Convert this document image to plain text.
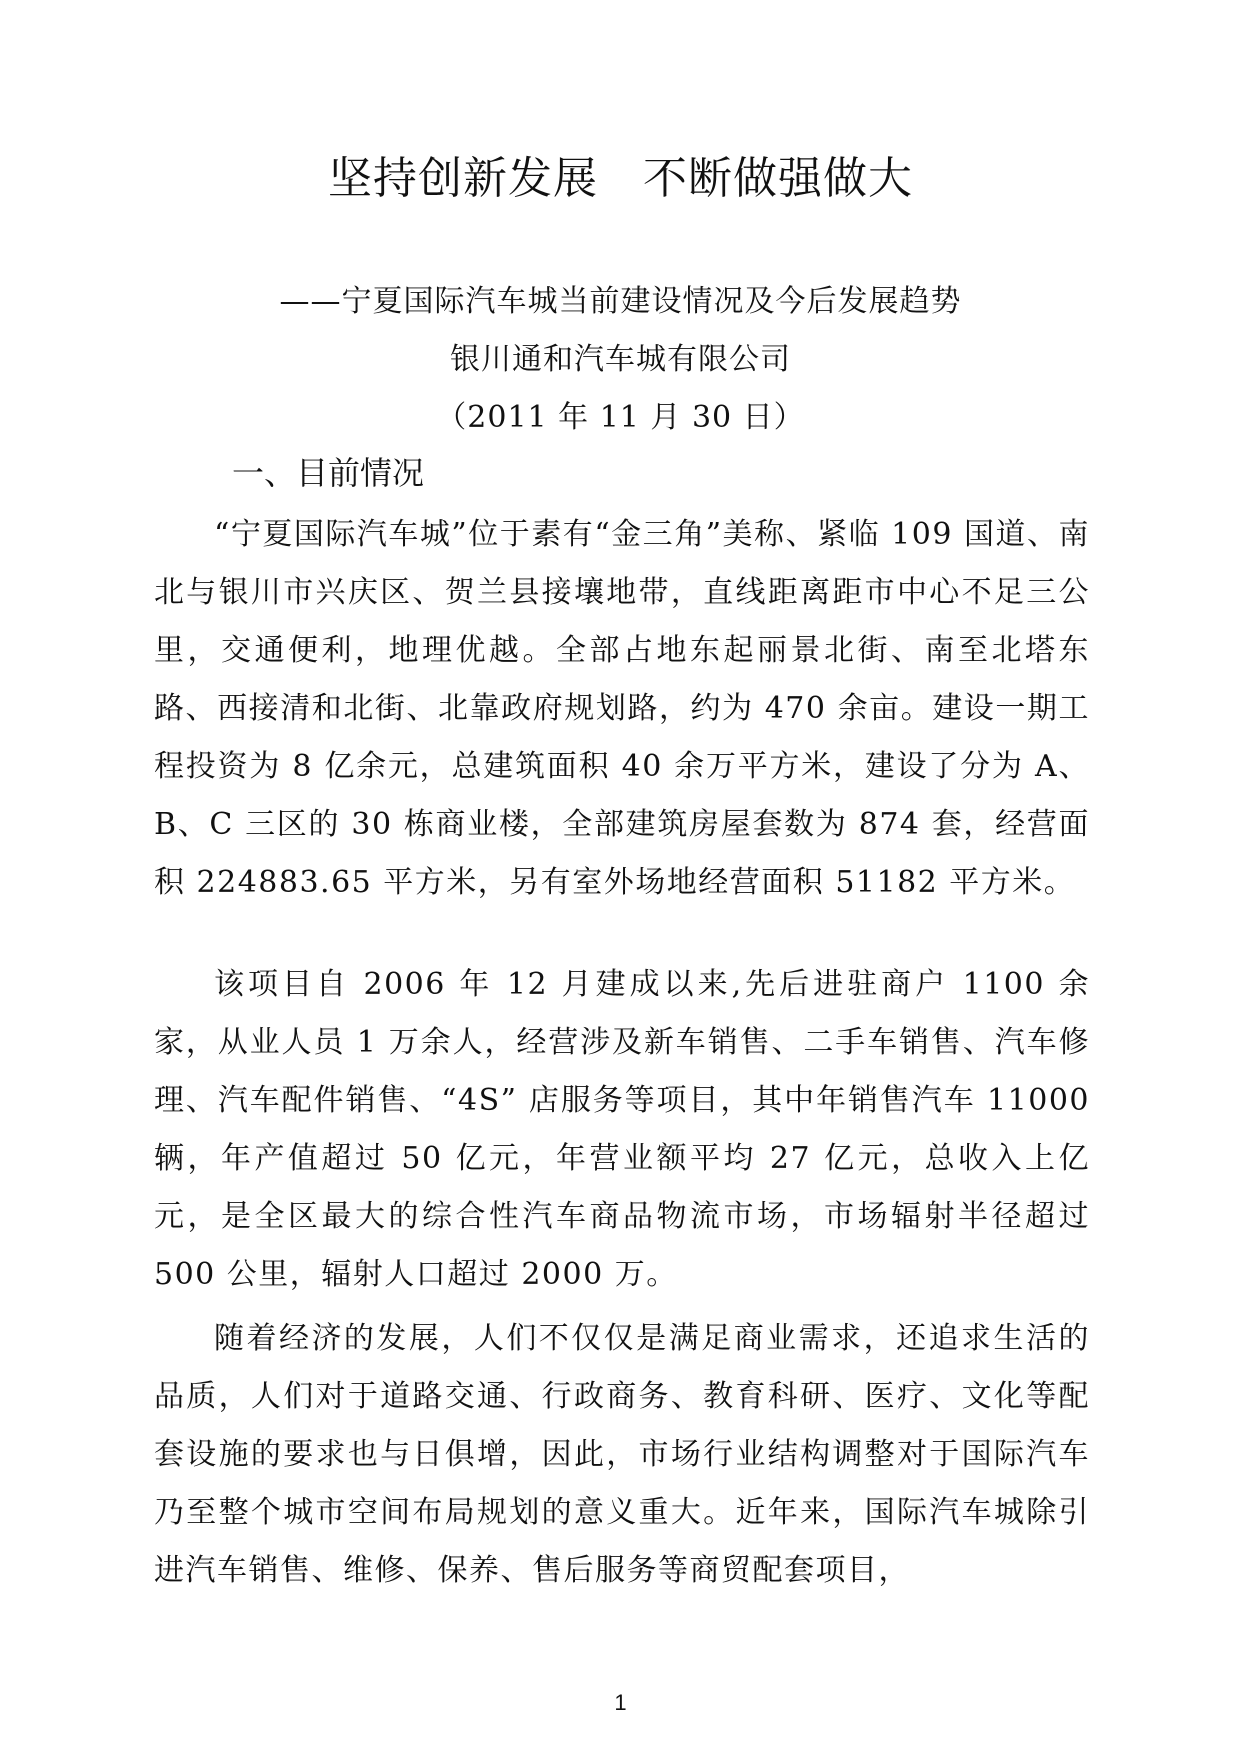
坚持创新发展　不断做强做大

——宁夏国际汽车城当前建设情况及今后发展趋势

银川通和汽车城有限公司

（2011 年 11 月 30 日）

一、目前情况

“宁夏国际汽车城”位于素有“金三角”美称、紧临 109 国道、南北与银川市兴庆区、贺兰县接壤地带，直线距离距市中心不足三公里，交通便利，地理优越。全部占地东起丽景北街、南至北塔东路、西接清和北街、北靠政府规划路，约为 470 余亩。建设一期工程投资为 8 亿余元，总建筑面积 40 余万平方米，建设了分为 A、B、C 三区的 30 栋商业楼，全部建筑房屋套数为 874 套，经营面积 224883.65 平方米，另有室外场地经营面积 51182 平方米。

该项目自 2006 年 12 月建成以来,先后进驻商户 1100 余家，从业人员 1 万余人，经营涉及新车销售、二手车销售、汽车修理、汽车配件销售、“4S” 店服务等项目，其中年销售汽车 11000 辆，年产值超过 50 亿元，年营业额平均 27 亿元，总收入上亿元，是全区最大的综合性汽车商品物流市场，市场辐射半径超过 500 公里，辐射人口超过 2000 万。

随着经济的发展，人们不仅仅是满足商业需求，还追求生活的品质，人们对于道路交通、行政商务、教育科研、医疗、文化等配套设施的要求也与日俱增，因此，市场行业结构调整对于国际汽车乃至整个城市空间布局规划的意义重大。近年来，国际汽车城除引进汽车销售、维修、保养、售后服务等商贸配套项目，

1
